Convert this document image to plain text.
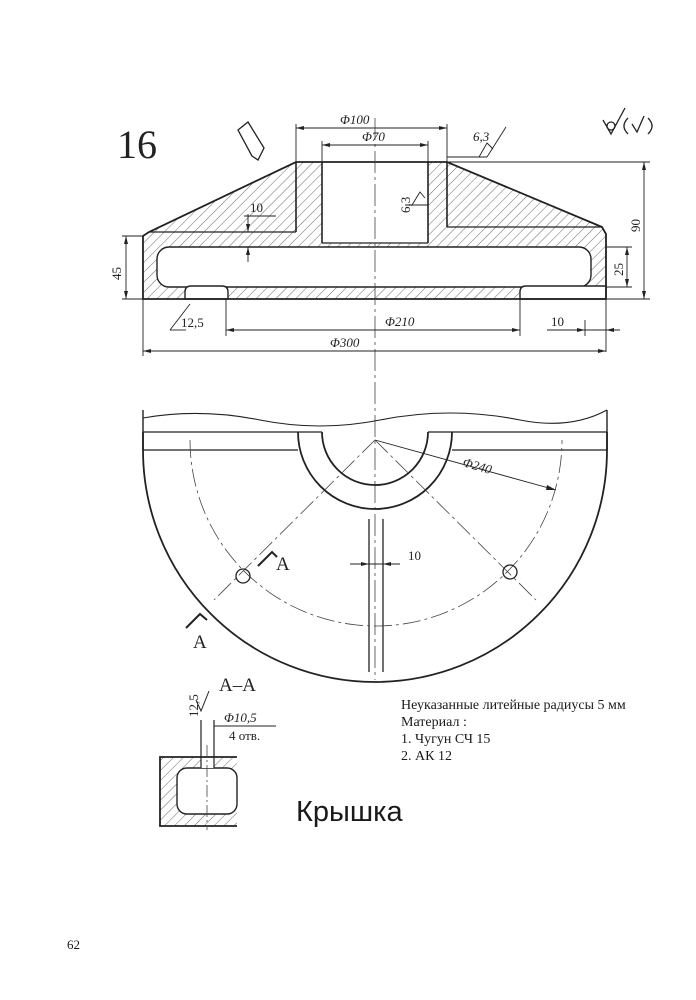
16
Φ100
Φ70	6,3
90
25
45
10	6,3
12,5	Φ210	10
Φ300
Φ240
10
А
А
А–А
12,5
Φ10,5
4 отв.
Неуказанные литейные радиусы 5 мм
Материал :
1. Чугун СЧ 15
2. АК 12
Крышка
62
